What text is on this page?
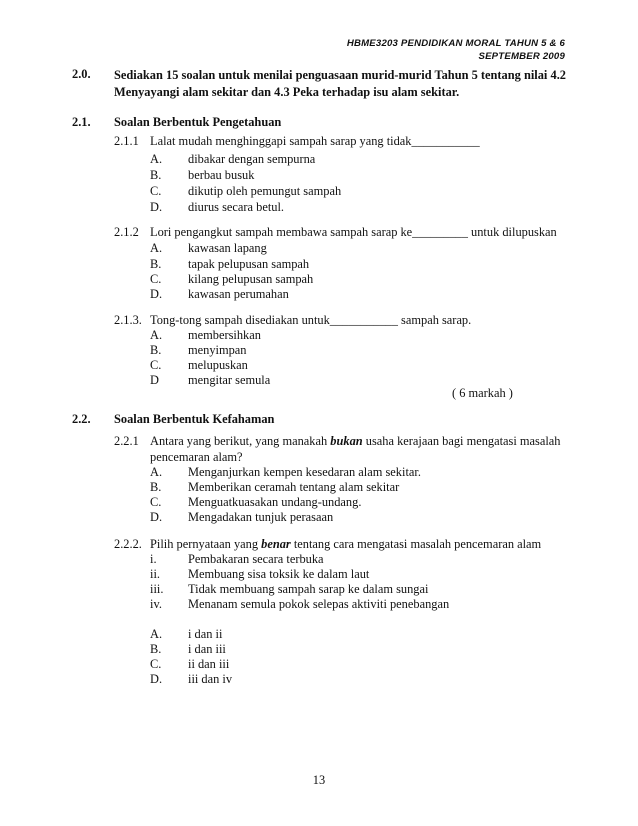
HBME3203 PENDIDIKAN MORAL TAHUN 5 & 6
SEPTEMBER 2009
2.0. Sediakan 15 soalan untuk menilai penguasaan murid-murid Tahun 5 tentang nilai 4.2 Menyayangi alam sekitar dan 4.3 Peka terhadap isu alam sekitar.
2.1. Soalan Berbentuk Pengetahuan
2.1.1 Lalat mudah menghinggapi sampah sarap yang tidak___________
A. dibakar dengan sempurna
B. berbau busuk
C. dikutip oleh pemungut sampah
D. diurus secara betul.
2.1.2 Lori pengangkut sampah membawa sampah sarap ke_________ untuk dilupuskan
A. kawasan lapang
B. tapak pelupusan sampah
C. kilang pelupusan sampah
D. kawasan perumahan
2.1.3. Tong-tong sampah disediakan untuk___________ sampah sarap.
A. membersihkan
B. menyimpan
C. melupuskan
D mengitar semula
( 6 markah )
2.2. Soalan Berbentuk Kefahaman
2.2.1 Antara yang berikut, yang manakah bukan usaha kerajaan bagi mengatasi masalah
pencemaran alam?
A. Menganjurkan kempen kesedaran alam sekitar.
B. Memberikan ceramah tentang alam sekitar
C. Menguatkuasakan undang-undang.
D. Mengadakan tunjuk perasaan
2.2.2. Pilih pernyataan yang benar tentang cara mengatasi masalah pencemaran alam
i.	Pembakaran secara terbuka
ii. Membuang sisa toksik ke dalam laut
iii. Tidak membuang sampah sarap ke dalam sungai
iv. Menanam semula pokok selepas aktiviti penebangan
A. i dan ii
B. i dan iii
C. ii dan iii
D. iii dan iv
13
